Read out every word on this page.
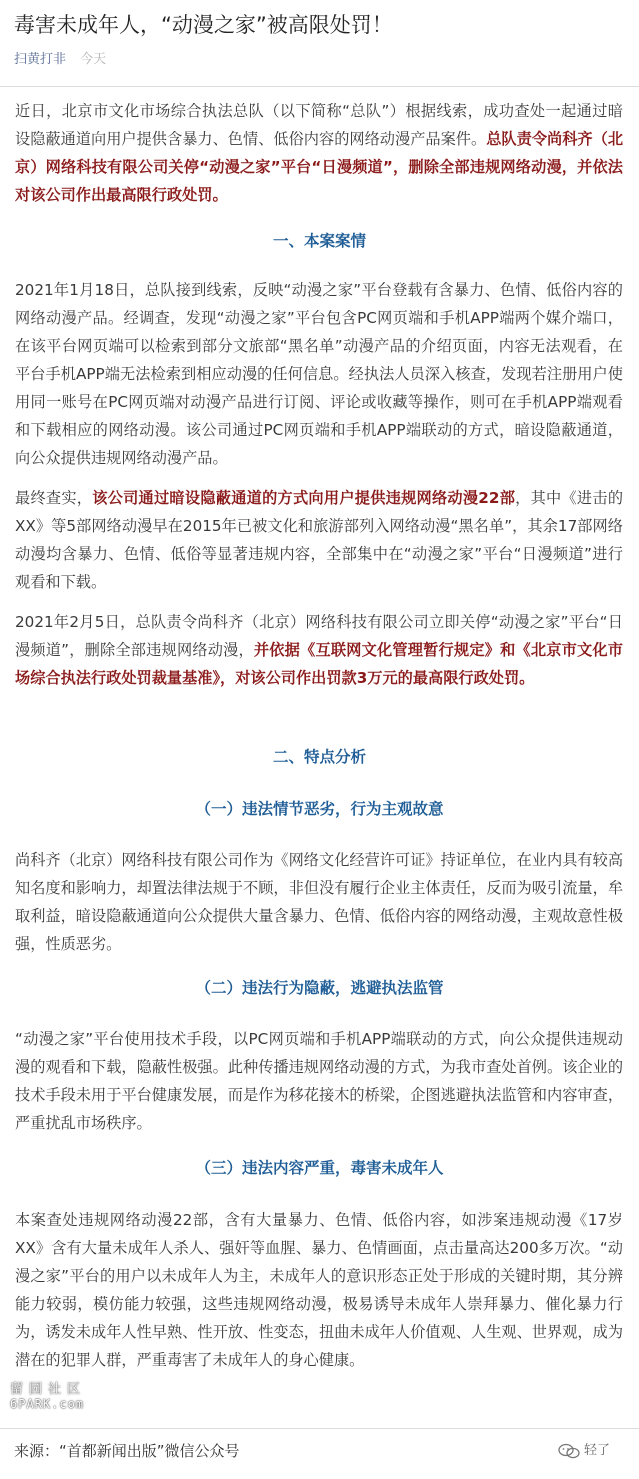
毒害未成年人，“动漫之家”被高限处罚！
扫黄打非 今天

近日，北京市文化市场综合执法总队（以下简称“总队”）根据线索，成功查处一起通过暗设隐蔽通道向用户提供含暴力、色情、低俗内容的网络动漫产品案件。总队责令尚科齐（北京）网络科技有限公司关停“动漫之家”平台“日漫频道”，删除全部违规网络动漫，并依法对该公司作出最高限行政处罚。

一、本案案情

2021年1月18日，总队接到线索，反映“动漫之家”平台登载有含暴力、色情、低俗内容的网络动漫产品。经调查，发现“动漫之家”平台包含PC网页端和手机APP端两个媒介端口，在该平台网页端可以检索到部分文旅部“黑名单”动漫产品的介绍页面，内容无法观看，在平台手机APP端无法检索到相应动漫的任何信息。经执法人员深入核查，发现若注册用户使用同一账号在PC网页端对动漫产品进行订阅、评论或收藏等操作，则可在手机APP端观看和下载相应的网络动漫。该公司通过PC网页端和手机APP端联动的方式，暗设隐蔽通道，向公众提供违规网络动漫产品。

最终查实，该公司通过暗设隐蔽通道的方式向用户提供违规网络动漫22部，其中《进击的XX》等5部网络动漫早在2015年已被文化和旅游部列入网络动漫“黑名单”，其余17部网络动漫均含暴力、色情、低俗等显著违规内容，全部集中在“动漫之家”平台“日漫频道”进行观看和下载。

2021年2月5日，总队责令尚科齐（北京）网络科技有限公司立即关停“动漫之家”平台“日漫频道”，删除全部违规网络动漫，并依据《互联网文化管理暂行规定》和《北京市文化市场综合执法行政处罚裁量基准》，对该公司作出罚款3万元的最高限行政处罚。

二、特点分析
（一）违法情节恶劣，行为主观故意

尚科齐（北京）网络科技有限公司作为《网络文化经营许可证》持证单位，在业内具有较高知名度和影响力，却置法律法规于不顾，非但没有履行企业主体责任，反而为吸引流量，牟取利益，暗设隐蔽通道向公众提供大量含暴力、色情、低俗内容的网络动漫，主观故意性极强，性质恶劣。

（二）违法行为隐蔽，逃避执法监管

“动漫之家”平台使用技术手段，以PC网页端和手机APP端联动的方式，向公众提供违规动漫的观看和下载，隐蔽性极强。此种传播违规网络动漫的方式，为我市查处首例。该企业的技术手段未用于平台健康发展，而是作为移花接木的桥梁，企图逃避执法监管和内容审查，严重扰乱市场秩序。

（三）违法内容严重，毒害未成年人

本案查处违规网络动漫22部，含有大量暴力、色情、低俗内容，如涉案违规动漫《17岁XX》含有大量未成年人杀人、强奸等血腥、暴力、色情画面，点击量高达200多万次。“动漫之家”平台的用户以未成年人为主，未成年人的意识形态正处于形成的关键时期，其分辨能力较弱，模仿能力较强，这些违规网络动漫，极易诱导未成年人崇拜暴力、催化暴力行为，诱发未成年人性早熟、性开放、性变态，扭曲未成年人价值观、人生观、世界观，成为潜在的犯罪人群，严重毒害了未成年人的身心健康。

留园社区
6PARK.com

来源：“首都新闻出版”微信公众号	轻了
